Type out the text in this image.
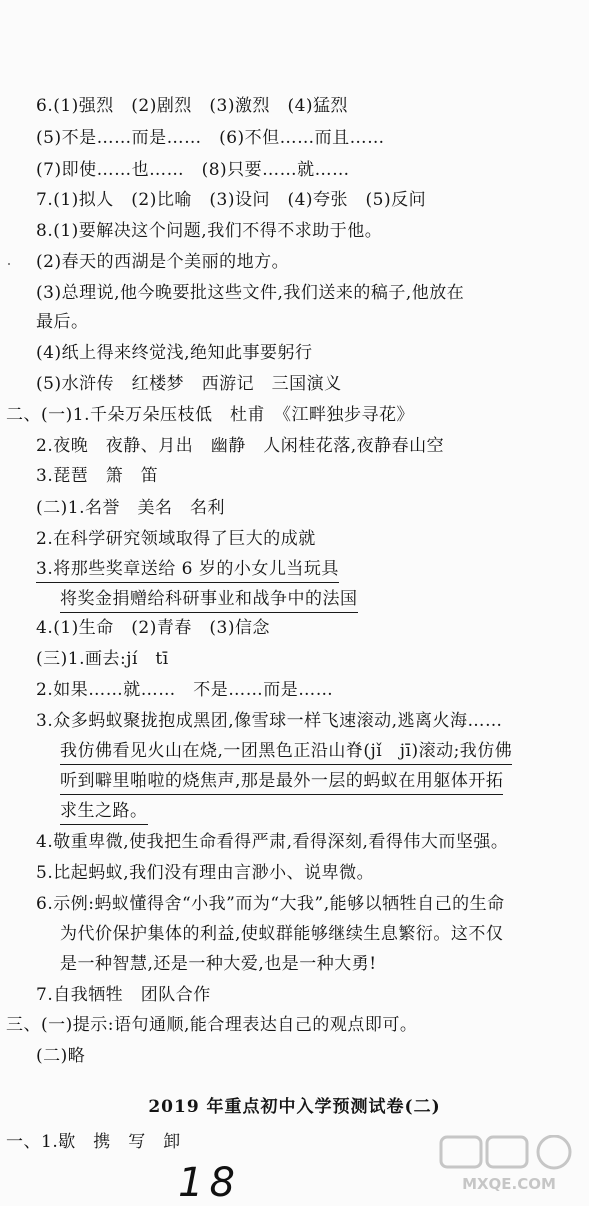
6.(1)强烈　(2)剧烈　(3)激烈　(4)猛烈
(5)不是……而是……　(6)不但……而且……
(7)即使……也……　(8)只要……就……
7.(1)拟人　(2)比喻　(3)设问　(4)夸张　(5)反问
8.(1)要解决这个问题,我们不得不求助于他。
(2)春天的西湖是个美丽的地方。
(3)总理说,他今晚要批这些文件,我们送来的稿子,他放在
最后。
(4)纸上得来终觉浅,绝知此事要躬行
(5)水浒传　红楼梦　西游记　三国演义
二、(一)1.千朵万朵压枝低　杜甫　《江畔独步寻花》
2.夜晚　夜静、月出　幽静　人闲桂花落,夜静春山空
3.琵琶　箫　笛
(二)1.名誉　美名　名利
2.在科学研究领域取得了巨大的成就
3.将那些奖章送给 6 岁的小女儿当玩具
将奖金捐赠给科研事业和战争中的法国
4.(1)生命　(2)青春　(3)信念
(三)1.画去:jí　tī
2.如果……就……　不是……而是……
3.众多蚂蚁聚拢抱成黑团,像雪球一样飞速滚动,逃离火海……
我仿佛看见火山在烧,一团黑色正沿山脊(jǐ　jī)滚动;我仿佛
听到噼里啪啦的烧焦声,那是最外一层的蚂蚁在用躯体开拓
求生之路。
4.敬重卑微,使我把生命看得严肃,看得深刻,看得伟大而坚强。
5.比起蚂蚁,我们没有理由言渺小、说卑微。
6.示例:蚂蚁懂得舍“小我”而为“大我”,能够以牺牲自己的生命
为代价保护集体的利益,使蚁群能够继续生息繁衍。这不仅
是一种智慧,还是一种大爱,也是一种大勇!
7.自我牺牲　团队合作
三、(一)提示:语句通顺,能合理表达自己的观点即可。
(二)略
2019 年重点初中入学预测试卷(二)
一、1.歇　携　写　卸
18	MXQE.COM
